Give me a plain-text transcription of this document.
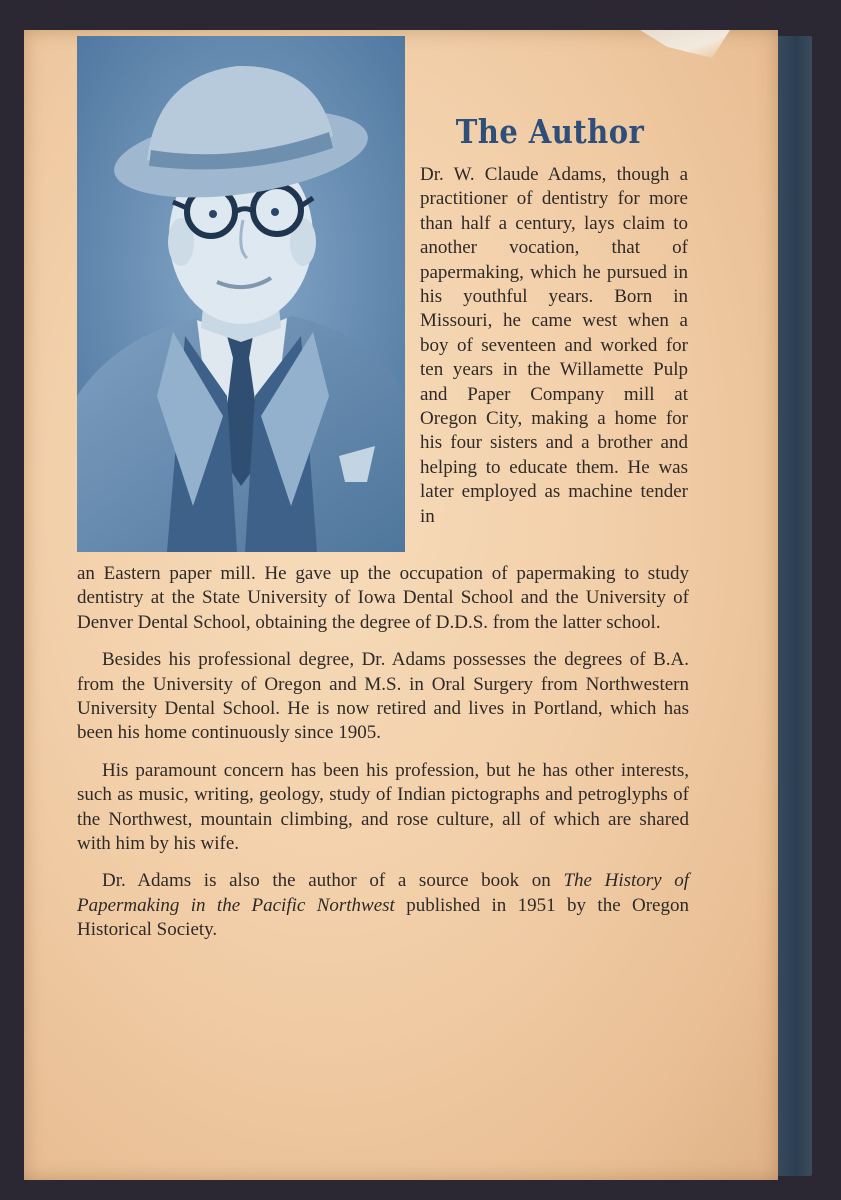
The Author
Dr. W. Claude Adams, though a practitioner of dentistry for more than half a century, lays claim to another vocation, that of papermaking, which he pursued in his youthful years. Born in Missouri, he came west when a boy of seventeen and worked for ten years in the Willamette Pulp and Paper Company mill at Oregon City, making a home for his four sisters and a brother and helping to educate them. He was later employed as machine tender in

an Eastern paper mill. He gave up the occupation of papermaking to study dentistry at the State University of Iowa Dental School and the University of Denver Dental School, obtaining the degree of D.D.S. from the latter school.

Besides his professional degree, Dr. Adams possesses the degrees of B.A. from the University of Oregon and M.S. in Oral Surgery from Northwestern University Dental School. He is now retired and lives in Portland, which has been his home continuously since 1905.

His paramount concern has been his profession, but he has other interests, such as music, writing, geology, study of Indian pictographs and petroglyphs of the Northwest, mountain climbing, and rose culture, all of which are shared with him by his wife.

Dr. Adams is also the author of a source book on The History of Papermaking in the Pacific Northwest published in 1951 by the Oregon Historical Society.
